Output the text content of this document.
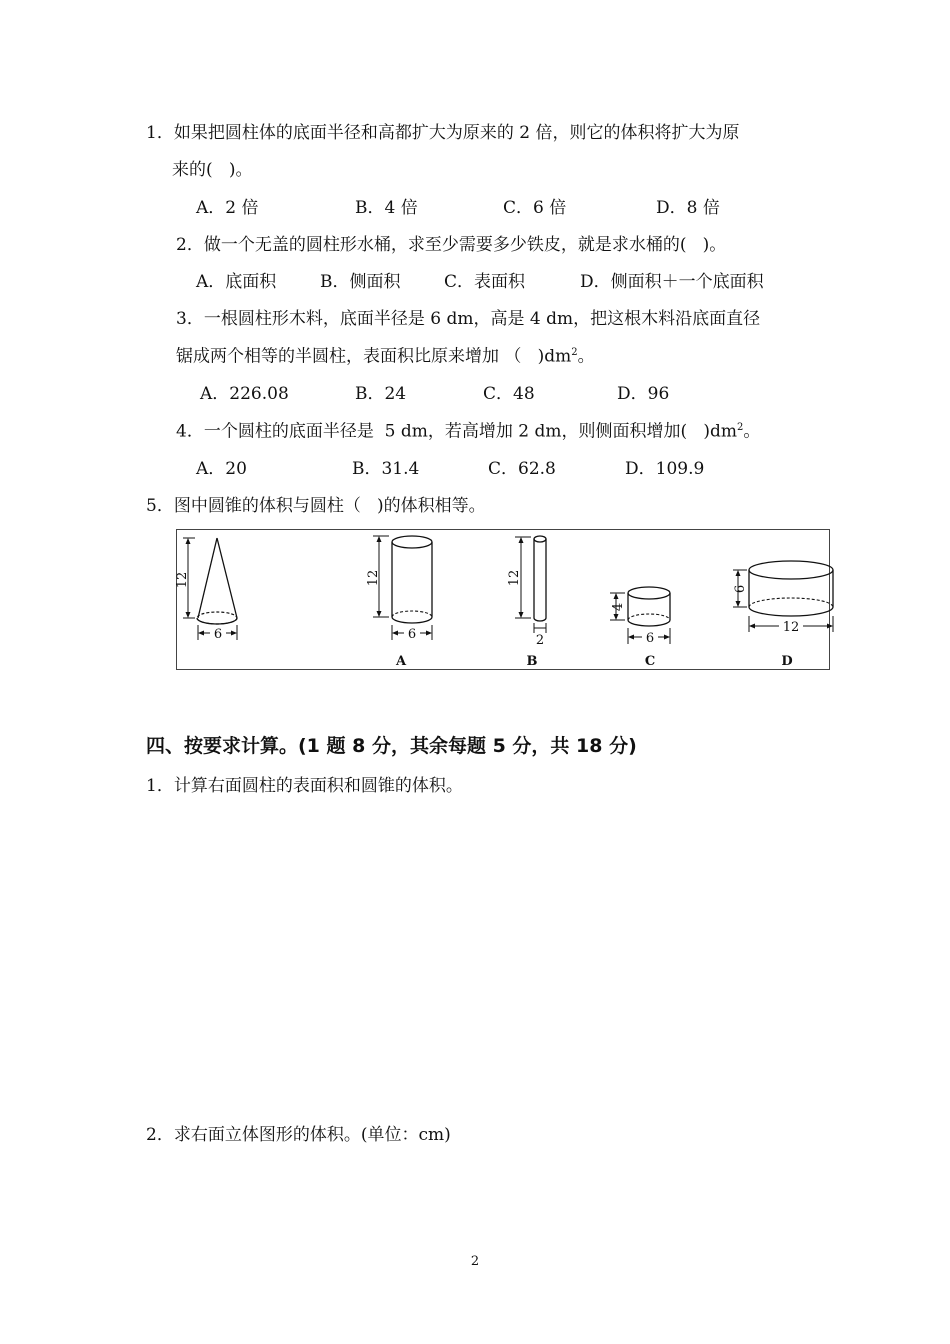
1．如果把圆柱体的底面半径和高都扩大为原来的 2 倍，则它的体积将扩大为原
来的(   )。
A．2 倍	B．4 倍	C．6 倍	D．8 倍
2．做一个无盖的圆柱形水桶，求至少需要多少铁皮，就是求水桶的(   )。
A．底面积	B．侧面积	C．表面积	D．侧面积＋一个底面积
3．一根圆柱形木料，底面半径是 6 dm，高是 4 dm，把这根木料沿底面直径
锯成两个相等的半圆柱，表面积比原来增加 （   )$dm^2$。
A．226.08	B．24	C．48	D．96
4．一个圆柱的底面半径是  5 dm，若高增加 2 dm，则侧面积增加(   )$dm^2$。
A．20	B．31.4	C．62.8	D．109.9
5．图中圆锥的体积与圆柱（   )的体积相等。
12
6
12
6
A
12
2
B
4
6
C
6
12
D
四、按要求计算。(1 题 8 分，其余每题 5 分，共 18 分)
1．计算右面圆柱的表面积和圆锥的体积。
2．求右面立体图形的体积。(单位：cm)
2
